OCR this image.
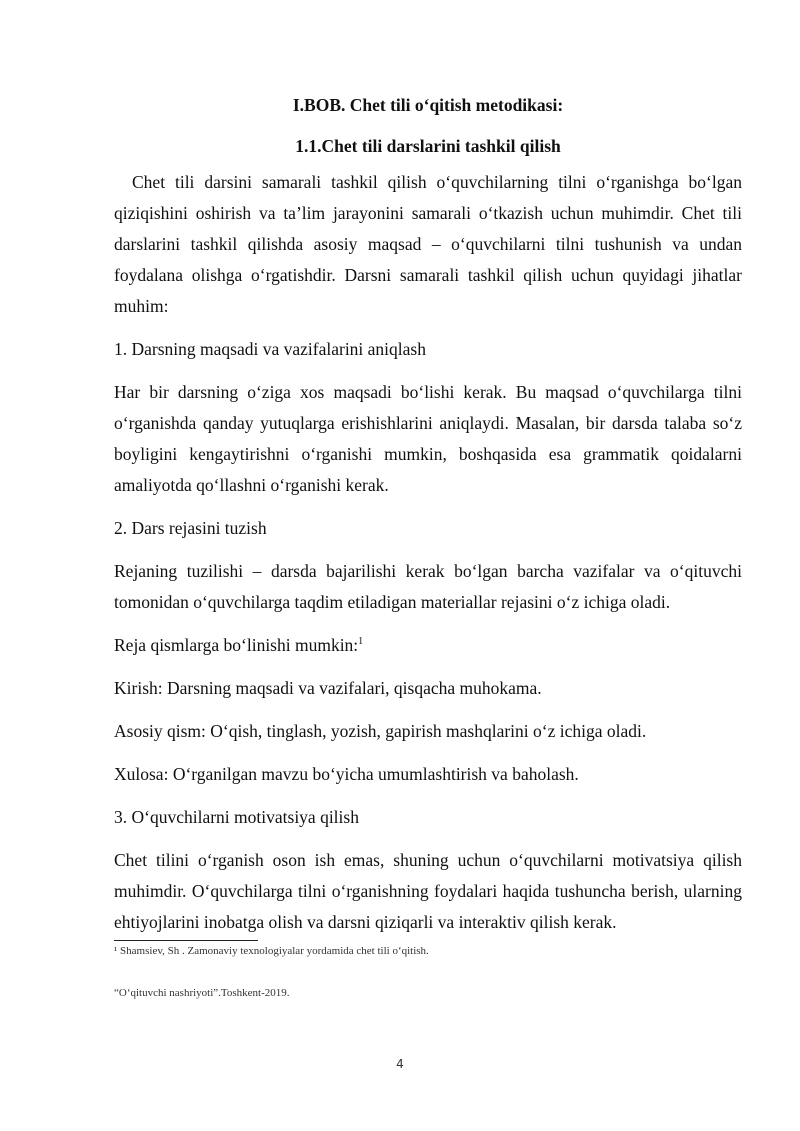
I.BOB. Chet tili o‘qitish metodikasi:
1.1.Chet tili darslarini tashkil qilish

Chet tili darsini samarali tashkil qilish o‘quvchilarning tilni o‘rganishga bo‘lgan qiziqishini oshirish va ta’lim jarayonini samarali o‘tkazish uchun muhimdir. Chet tili darslarini tashkil qilishda asosiy maqsad – o‘quvchilarni tilni tushunish va undan foydalana olishga o‘rgatishdir. Darsni samarali tashkil qilish uchun quyidagi jihatlar muhim:

1. Darsning maqsadi va vazifalarini aniqlash

Har bir darsning o‘ziga xos maqsadi bo‘lishi kerak. Bu maqsad o‘quvchilarga tilni o‘rganishda qanday yutuqlarga erishishlarini aniqlaydi. Masalan, bir darsda talaba so‘z boyligini kengaytirishni o‘rganishi mumkin, boshqasida esa grammatik qoidalarni amaliyotda qo‘llashni o‘rganishi kerak.

2. Dars rejasini tuzish

Rejaning tuzilishi – darsda bajarilishi kerak bo‘lgan barcha vazifalar va o‘qituvchi tomonidan o‘quvchilarga taqdim etiladigan materiallar rejasini o‘z ichiga oladi.

Reja qismlarga bo‘linishi mumkin:$^1$

Kirish: Darsning maqsadi va vazifalari, qisqacha muhokama.

Asosiy qism: O‘qish, tinglash, yozish, gapirish mashqlarini o‘z ichiga oladi.

Xulosa: O‘rganilgan mavzu bo‘yicha umumlashtirish va baholash.

3. O‘quvchilarni motivatsiya qilish

Chet tilini o‘rganish oson ish emas, shuning uchun o‘quvchilarni motivatsiya qilish muhimdir. O‘quvchilarga tilni o‘rganishning foydalari haqida tushuncha berish, ularning ehtiyojlarini inobatga olish va darsni qiziqarli va interaktiv qilish kerak.

¹ Shamsiev, Sh . Zamonaviy texnologiyalar yordamida chet tili o‘qitish.
“O‘qituvchi nashriyoti”.Toshkent-2019.
4
